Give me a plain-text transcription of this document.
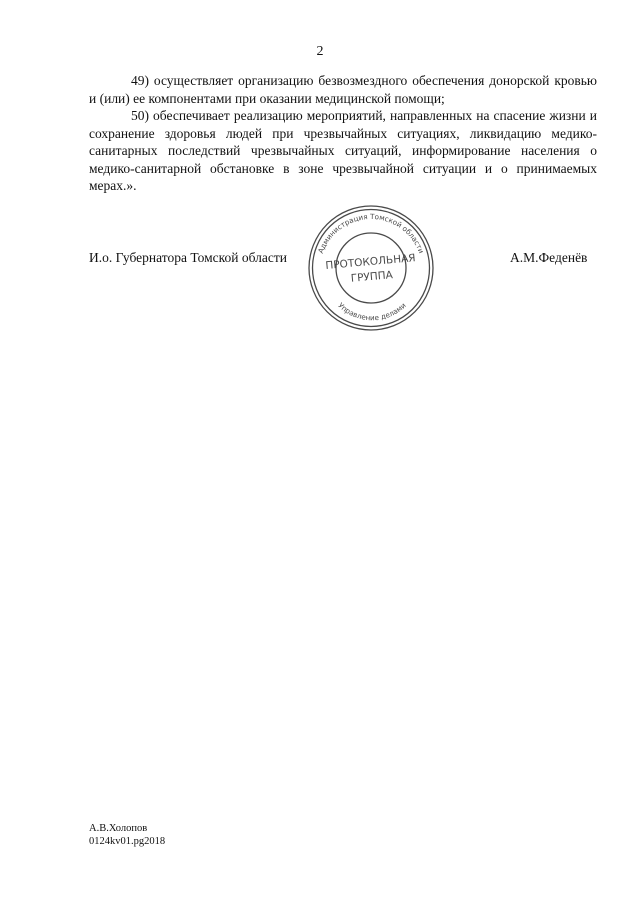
2

49) осуществляет организацию безвозмездного обеспечения донорской кровью и (или) ее компонентами при оказании медицинской помощи;

50) обеспечивает реализацию мероприятий, направленных на спасение жизни и сохранение здоровья людей при чрезвычайных ситуациях, ликвидацию медико-санитарных последствий чрезвычайных ситуаций, информирование населения о медико-санитарной обстановке в зоне чрезвычайной ситуации и о принимаемых мерах.».

И.о. Губернатора Томской области	Администрация Томской области
Управление делами
ПРОТОКОЛЬНАЯ
ГРУППА
А.М.Феденёв
А.В.Холопов
0124kv01.pg2018
